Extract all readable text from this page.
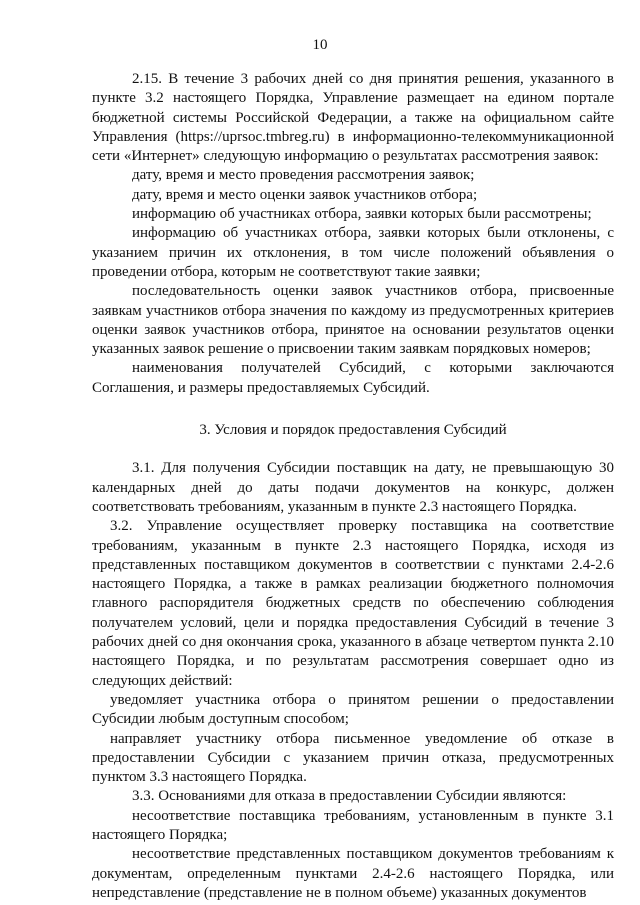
10

2.15. В течение 3 рабочих дней со дня принятия решения, указанного в пункте 3.2 настоящего Порядка, Управление размещает на едином портале бюджетной системы Российской Федерации, а также на официальном сайте Управления (https://uprsoc.tmbreg.ru) в информационно-телекоммуникационной сети «Интернет» следующую информацию о результатах рассмотрения заявок:

дату, время и место проведения рассмотрения заявок;

дату, время и место оценки заявок участников отбора;

информацию об участниках отбора, заявки которых были рассмотрены;

информацию об участниках отбора, заявки которых были отклонены, с указанием причин их отклонения, в том числе положений объявления о проведении отбора, которым не соответствуют такие заявки;

последовательность оценки заявок участников отбора, присвоенные заявкам участников отбора значения по каждому из предусмотренных критериев оценки заявок участников отбора, принятое на основании результатов оценки указанных заявок решение о присвоении таким заявкам порядковых номеров;

наименования получателей Субсидий, с которыми заключаются Соглашения, и размеры предоставляемых Субсидий.

3. Условия и порядок предоставления Субсидий

3.1. Для получения Субсидии поставщик на дату, не превышающую 30 календарных дней до даты подачи документов на конкурс, должен соответствовать требованиям, указанным в пункте 2.3 настоящего Порядка.

3.2. Управление осуществляет проверку поставщика на соответствие требованиям, указанным в пункте 2.3 настоящего Порядка, исходя из представленных поставщиком документов в соответствии с пунктами 2.4-2.6 настоящего Порядка, а также в рамках реализации бюджетного полномочия главного распорядителя бюджетных средств по обеспечению соблюдения получателем условий, цели и порядка предоставления Субсидий в течение 3 рабочих дней со дня окончания срока, указанного в абзаце четвертом пункта 2.10 настоящего Порядка, и по результатам рассмотрения совершает одно из следующих действий:

уведомляет участника отбора о принятом решении о предоставлении Субсидии любым доступным способом;

направляет участнику отбора письменное уведомление об отказе в предоставлении Субсидии с указанием причин отказа, предусмотренных пунктом 3.3 настоящего Порядка.

3.3. Основаниями для отказа в предоставлении Субсидии являются:

несоответствие поставщика требованиям, установленным в пункте 3.1 настоящего Порядка;

несоответствие представленных поставщиком документов требованиям к документам, определенным пунктами 2.4-2.6 настоящего Порядка, или непредставление (представление не в полном объеме) указанных документов
